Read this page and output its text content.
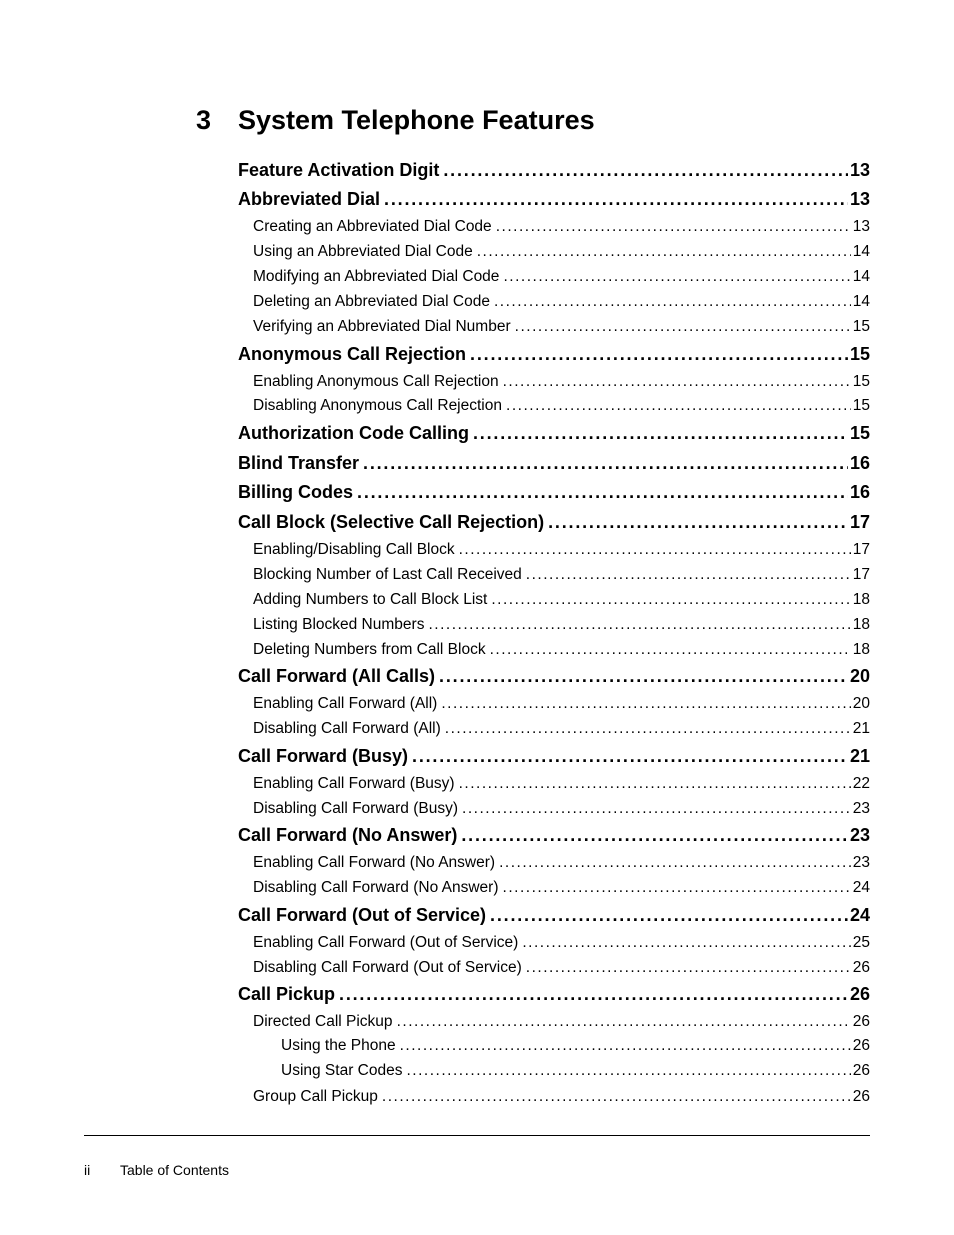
3 System Telephone Features
Feature Activation Digit . . .	13
Abbreviated Dial . . .	13
Creating an Abbreviated Dial Code . . .	13
Using an Abbreviated Dial Code . . .	14
Modifying an Abbreviated Dial Code . . .	14
Deleting an Abbreviated Dial Code . . .	14
Verifying an Abbreviated Dial Number . . .	15
Anonymous Call Rejection . . .	15
Enabling Anonymous Call Rejection . . .	15
Disabling Anonymous Call Rejection . . .	15
Authorization Code Calling . . .	15
Blind Transfer . . .	16
Billing Codes . . .	16
Call Block (Selective Call Rejection) . . .	17
Enabling/Disabling Call Block . . .	17
Blocking Number of Last Call Received . . .	17
Adding Numbers to Call Block List . . .	18
Listing Blocked Numbers . . .	18
Deleting Numbers from Call Block . . .	18
Call Forward (All Calls) . . .	20
Enabling Call Forward (All) . . .	20
Disabling Call Forward (All) . . .	21
Call Forward (Busy) . . .	21
Enabling Call Forward (Busy) . . .	22
Disabling Call Forward (Busy) . . .	23
Call Forward (No Answer) . . .	23
Enabling Call Forward (No Answer) . . .	23
Disabling Call Forward (No Answer) . . .	24
Call Forward (Out of Service) . . .	24
Enabling Call Forward (Out of Service) . . .	25
Disabling Call Forward (Out of Service) . . .	26
Call Pickup . . .	26
Directed Call Pickup . . .	26
Using the Phone . . .	26
Using Star Codes . . .	26
Group Call Pickup . . .	26
ii Table of Contents
